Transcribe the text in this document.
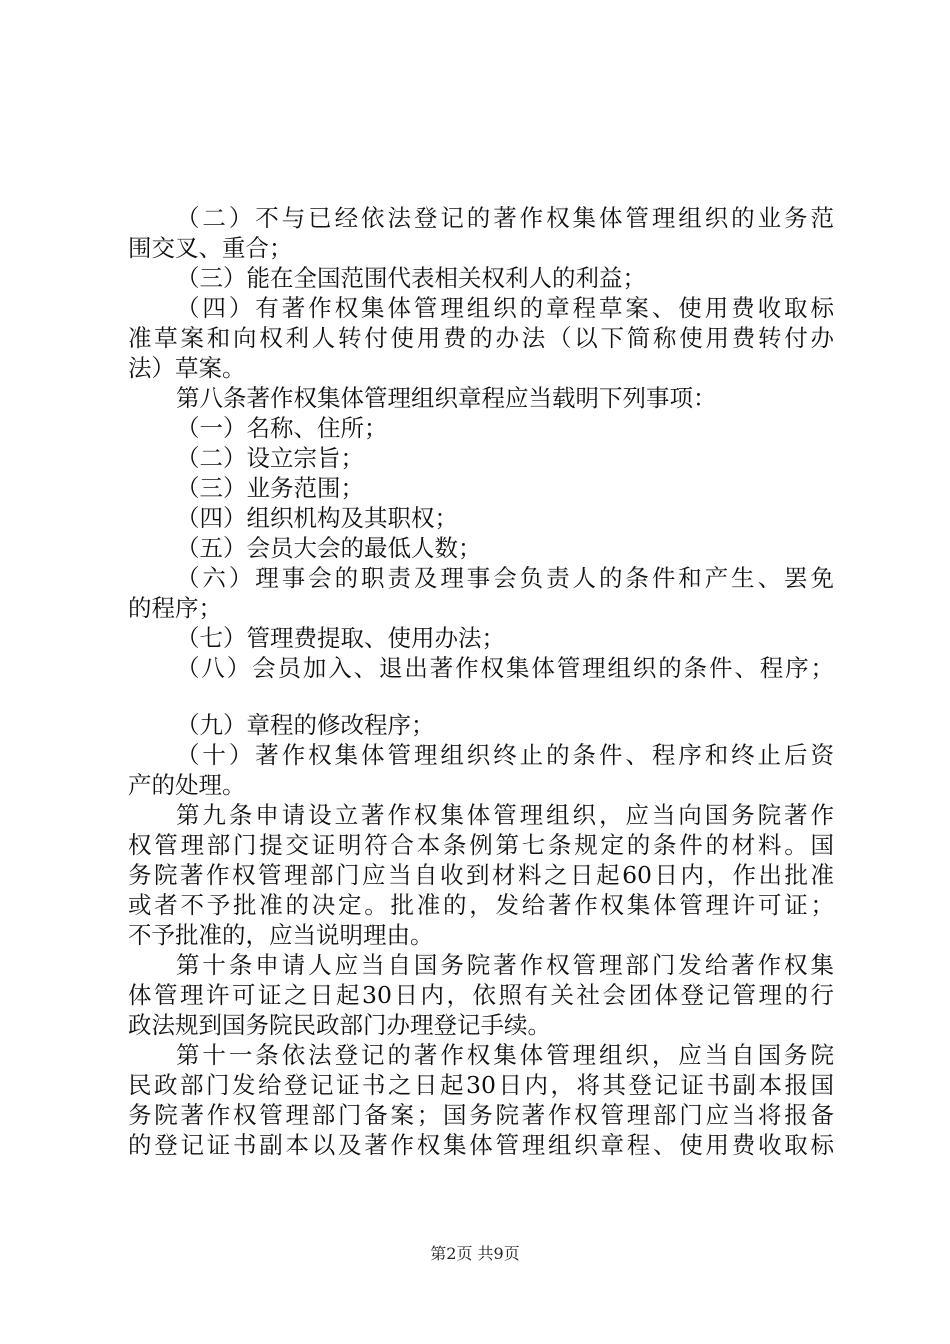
（二）不与已经依法登记的著作权集体管理组织的业务范
围交叉、重合；
（三）能在全国范围代表相关权利人的利益；
（四）有著作权集体管理组织的章程草案、使用费收取标
准草案和向权利人转付使用费的办法（以下简称使用费转付办
法）草案。
第八条著作权集体管理组织章程应当载明下列事项：
（一）名称、住所；
（二）设立宗旨；
（三）业务范围；
（四）组织机构及其职权；
（五）会员大会的最低人数；
（六）理事会的职责及理事会负责人的条件和产生、罢免
的程序；
（七）管理费提取、使用办法；
（八）会员加入、退出著作权集体管理组织的条件、程序；
（九）章程的修改程序；
（十）著作权集体管理组织终止的条件、程序和终止后资
产的处理。
第九条申请设立著作权集体管理组织，应当向国务院著作
权管理部门提交证明符合本条例第七条规定的条件的材料。国
务院著作权管理部门应当自收到材料之日起60日内，作出批准
或者不予批准的决定。批准的，发给著作权集体管理许可证；
不予批准的，应当说明理由。
第十条申请人应当自国务院著作权管理部门发给著作权集
体管理许可证之日起30日内，依照有关社会团体登记管理的行
政法规到国务院民政部门办理登记手续。
第十一条依法登记的著作权集体管理组织，应当自国务院
民政部门发给登记证书之日起30日内，将其登记证书副本报国
务院著作权管理部门备案；国务院著作权管理部门应当将报备
的登记证书副本以及著作权集体管理组织章程、使用费收取标
第2页 共9页
